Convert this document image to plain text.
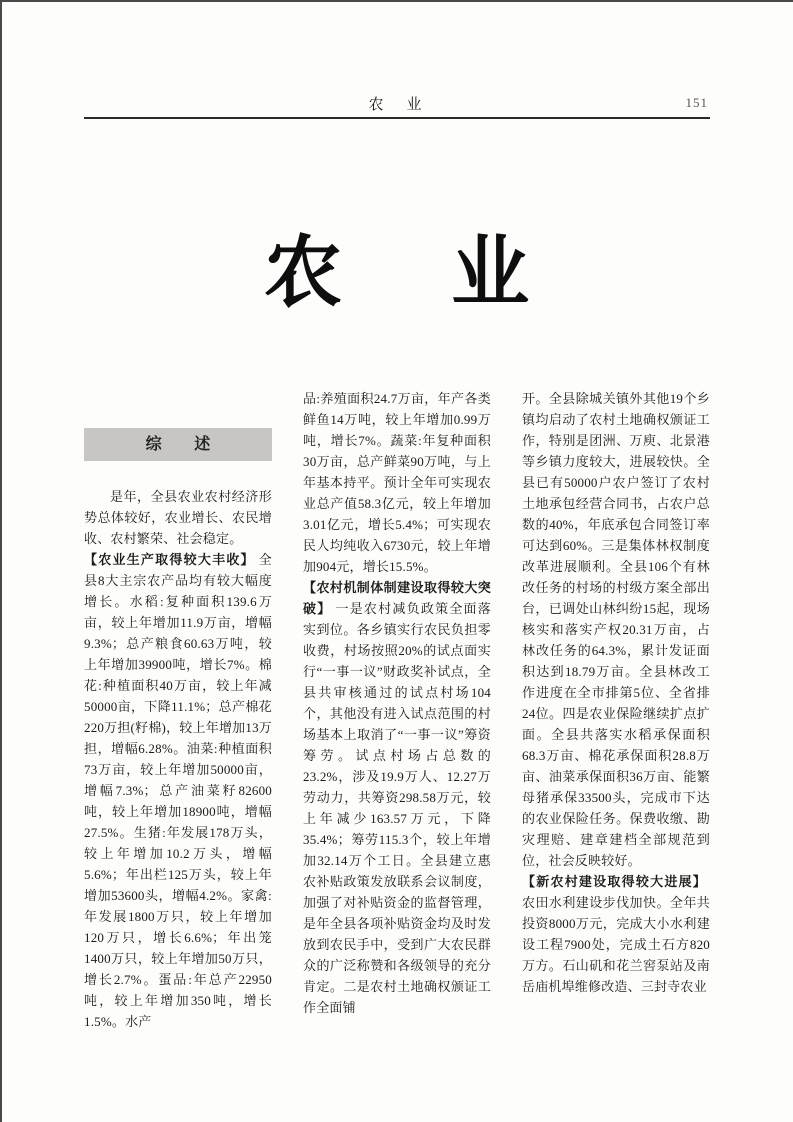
农　业	151
农业
综　　述

是年，全县农业农村经济形势总体较好，农业增长、农民增收、农村繁荣、社会稳定。

【农业生产取得较大丰收】 全县8大主宗农产品均有较大幅度增长。水稻:复种面积139.6万亩，较上年增加11.9万亩，增幅9.3%；总产粮食60.63万吨，较上年增加39900吨，增长7%。棉花:种植面积40万亩，较上年减50000亩，下降11.1%；总产棉花220万担(籽棉)，较上年增加13万担，增幅6.28%。油菜:种植面积73万亩，较上年增加50000亩，增幅7.3%；总产油菜籽82600吨，较上年增加18900吨，增幅27.5%。生猪:年发展178万头，较上年增加10.2万头，增幅5.6%；年出栏125万头，较上年增加53600头，增幅4.2%。家禽:年发展1800万只，较上年增加120万只，增长6.6%；年出笼1400万只，较上年增加50万只，增长2.7%。蛋品:年总产22950吨，较上年增加350吨，增长1.5%。水产

品:养殖面积24.7万亩，年产各类鲜鱼14万吨，较上年增加0.99万吨，增长7%。蔬菜:年复种面积30万亩，总产鲜菜90万吨，与上年基本持平。预计全年可实现农业总产值58.3亿元，较上年增加3.01亿元，增长5.4%；可实现农民人均纯收入6730元，较上年增加904元，增长15.5%。

【农村机制体制建设取得较大突破】 一是农村减负政策全面落实到位。各乡镇实行农民负担零收费，村场按照20%的试点面实行“一事一议”财政奖补试点，全县共审核通过的试点村场104个，其他没有进入试点范围的村场基本上取消了“一事一议”筹资筹劳。试点村场占总数的23.2%，涉及19.9万人、12.27万劳动力，共筹资298.58万元，较上年减少163.57万元，下降35.4%；筹劳115.3个，较上年增加32.14万个工日。全县建立惠农补贴政策发放联系会议制度，加强了对补贴资金的监督管理，是年全县各项补贴资金均及时发放到农民手中，受到广大农民群众的广泛称赞和各级领导的充分肯定。二是农村土地确权颁证工作全面铺

开。全县除城关镇外其他19个乡镇均启动了农村土地确权颁证工作，特别是团洲、万庾、北景港等乡镇力度较大，进展较快。全县已有50000户农户签订了农村土地承包经营合同书，占农户总数的40%，年底承包合同签订率可达到60%。三是集体林权制度改革进展顺利。全县106个有林改任务的村场的村级方案全部出台，已调处山林纠纷15起，现场核实和落实产权20.31万亩，占林改任务的64.3%，累计发证面积达到18.79万亩。全县林改工作进度在全市排第5位、全省排24位。四是农业保险继续扩点扩面。全县共落实水稻承保面积68.3万亩、棉花承保面积28.8万亩、油菜承保面积36万亩、能繁母猪承保33500头，完成市下达的农业保险任务。保费收缴、勘灾理赔、建章建档全部规范到位，社会反映较好。

【新农村建设取得较大进展】农田水利建设步伐加快。全年共投资8000万元，完成大小水利建设工程7900处，完成土石方820万方。石山矶和花兰窖泵站及南岳庙机埠维修改造、三封寺农业
